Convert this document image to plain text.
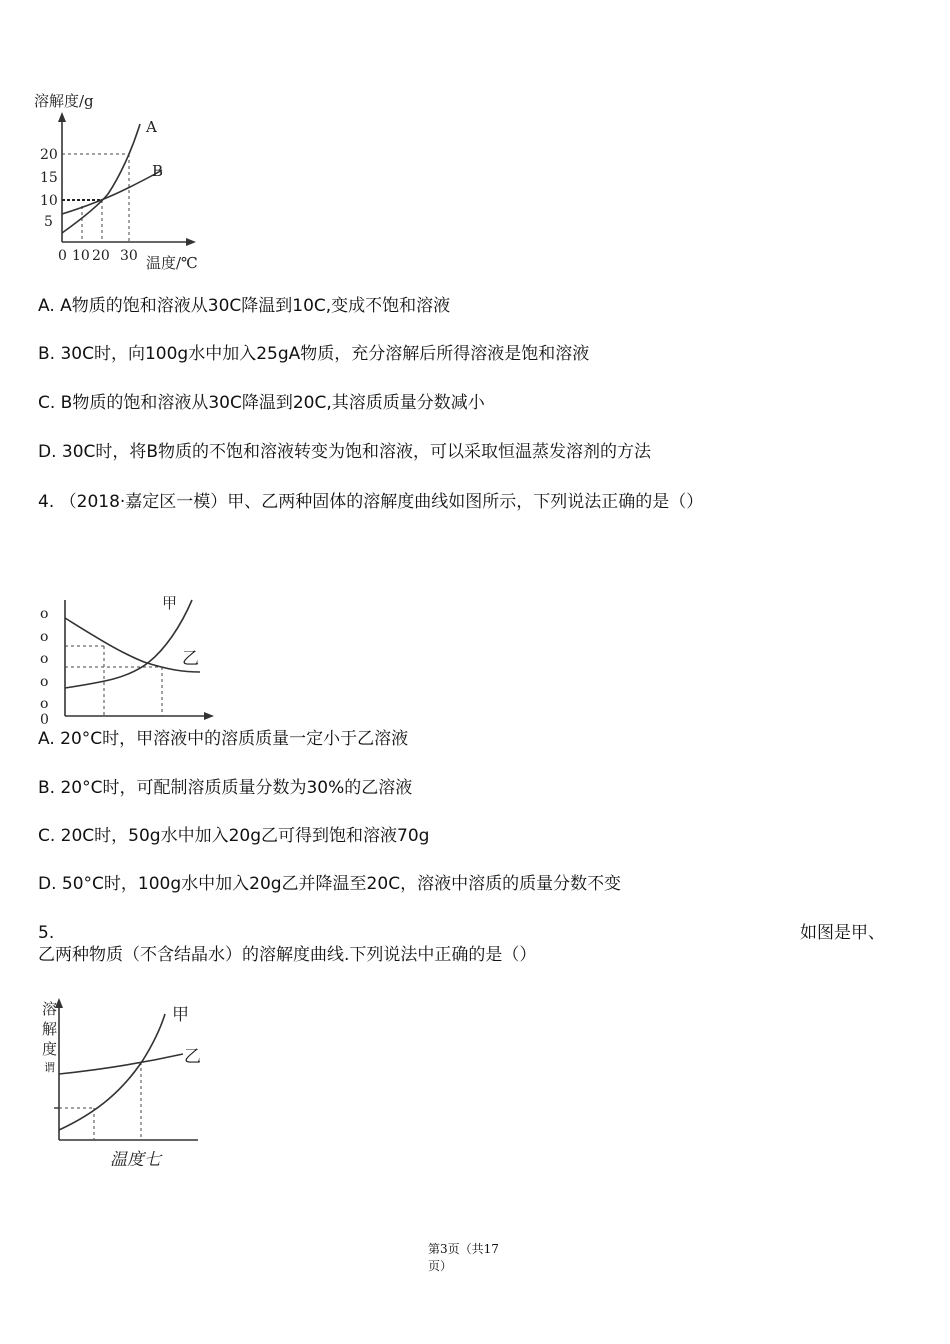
溶解度/g
20
15
10
5
0 10 20 30 温度/℃
A
B
A. A物质的饱和溶液从30C降温到10C,变成不饱和溶液
B. 30C时，向100g水中加入25gA物质，充分溶解后所得溶液是饱和溶液
C. B物质的饱和溶液从30C降温到20C,其溶质质量分数减小
D. 30C时，将B物质的不饱和溶液转变为饱和溶液，可以采取恒温蒸发溶剂的方法
4. （2018·嘉定区一模）甲、乙两种固体的溶解度曲线如图所示，下列说法正确的是（）
o
o
o
o
o
0
甲
乙
A. 20°C时，甲溶液中的溶质质量一定小于乙溶液
B. 20°C时，可配制溶质质量分数为30%的乙溶液
C. 20C时，50g水中加入20g乙可得到饱和溶液70g
D. 50°C时，100g水中加入20g乙并降温至20C，溶液中溶质的质量分数不变
5.	如图是甲、
乙两种物质（不含结晶水）的溶解度曲线.下列说法中正确的是（）
溶
解
度
谓
甲
乙
温度七
第3页（共17
页）
